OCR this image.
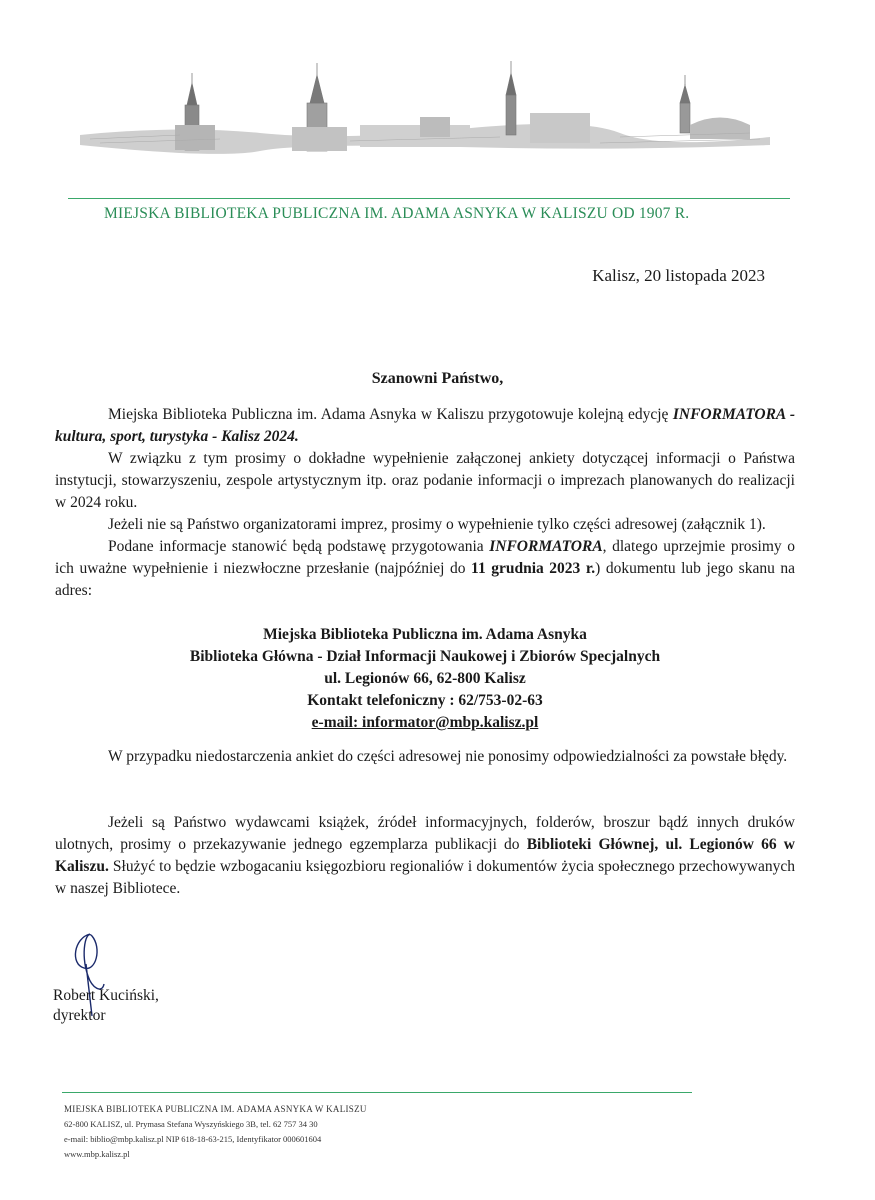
MIEJSKA BIBLIOTEKA PUBLICZNA IM. ADAMA ASNYKA W KALISZU OD 1907 R.
Kalisz, 20 listopada 2023
Szanowni Państwo,

Miejska Biblioteka Publiczna im. Adama Asnyka w Kaliszu przygotowuje kolejną edycję INFORMATORA - kultura, sport, turystyka - Kalisz 2024.

W związku z tym prosimy o dokładne wypełnienie załączonej ankiety dotyczącej informacji o Państwa instytucji, stowarzyszeniu, zespole artystycznym itp. oraz podanie informacji o imprezach planowanych do realizacji w 2024 roku.

Jeżeli nie są Państwo organizatorami imprez, prosimy o wypełnienie tylko części adresowej (załącznik 1).

Podane informacje stanowić będą podstawę przygotowania INFORMATORA, dlatego uprzejmie prosimy o ich uważne wypełnienie i niezwłoczne przesłanie (najpóźniej do 11 grudnia 2023 r.) dokumentu lub jego skanu na adres:

Miejska Biblioteka Publiczna im. Adama Asnyka
Biblioteka Główna - Dział Informacji Naukowej i Zbiorów Specjalnych
ul. Legionów 66, 62-800 Kalisz
Kontakt telefoniczny : 62/753-02-63
e-mail: informator@mbp.kalisz.pl

W przypadku niedostarczenia ankiet do części adresowej nie ponosimy odpowiedzialności za powstałe błędy.

Jeżeli są Państwo wydawcami książek, źródeł informacyjnych, folderów, broszur bądź innych druków ulotnych, prosimy o przekazywanie jednego egzemplarza publikacji do Biblioteki Głównej, ul. Legionów 66 w Kaliszu. Służyć to będzie wzbogacaniu księgozbioru regionaliów i dokumentów życia społecznego przechowywanych w naszej Bibliotece.

Robert Kuciński,
dyrektor
MIEJSKA BIBLIOTEKA PUBLICZNA IM. ADAMA ASNYKA W KALISZU
62-800 KALISZ, ul. Prymasa Stefana Wyszyńskiego 3B, tel. 62 757 34 30
e-mail: biblio@mbp.kalisz.pl NIP 618-18-63-215, Identyfikator 000601604
www.mbp.kalisz.pl
